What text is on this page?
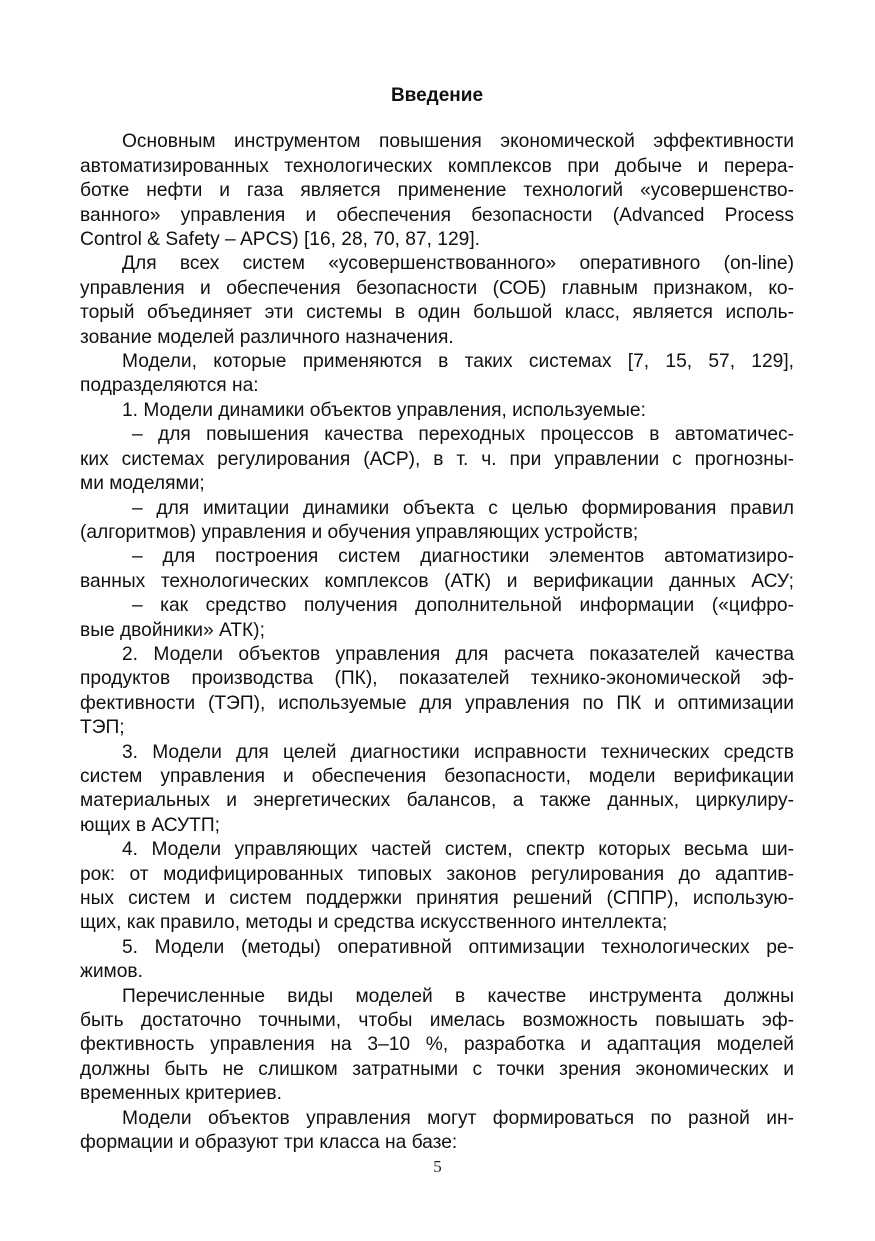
Введение
Основным инструментом повышения экономической эффективности
автоматизированных технологических комплексов при добыче и перера-
ботке нефти и газа является применение технологий «усовершенство-
ванного» управления и обеспечения безопасности (Advanced Process
Control & Safety – APCS) [16, 28, 70, 87, 129].
Для всех систем «усовершенствованного» оперативного (on-line)
управления и обеспечения безопасности (СОБ) главным признаком, ко-
торый объединяет эти системы в один большой класс, является исполь-
зование моделей различного назначения.
Модели, которые применяются в таких системах [7, 15, 57, 129],
подразделяются на:
1. Модели динамики объектов управления, используемые:
– для повышения качества переходных процессов в автоматичес-
ких системах регулирования (АСР), в т. ч. при управлении с прогнозны-
ми моделями;
– для имитации динамики объекта с целью формирования правил
(алгоритмов) управления и обучения управляющих устройств;
– для построения систем диагностики элементов автоматизиро-
ванных технологических комплексов (АТК) и верификации данных АСУ;
– как средство получения дополнительной информации («цифро-
вые двойники» АТК);
2. Модели объектов управления для расчета показателей качества
продуктов производства (ПК), показателей технико-экономической эф-
фективности (ТЭП), используемые для управления по ПК и оптимизации
ТЭП;
3. Модели для целей диагностики исправности технических средств
систем управления и обеспечения безопасности, модели верификации
материальных и энергетических балансов, а также данных, циркулиру-
ющих в АСУТП;
4. Модели управляющих частей систем, спектр которых весьма ши-
рок: от модифицированных типовых законов регулирования до адаптив-
ных систем и систем поддержки принятия решений (СППР), использую-
щих, как правило, методы и средства искусственного интеллекта;
5. Модели (методы) оперативной оптимизации технологических ре-
жимов.
Перечисленные виды моделей в качестве инструмента должны
быть достаточно точными, чтобы имелась возможность повышать эф-
фективность управления на 3–10 %, разработка и адаптация моделей
должны быть не слишком затратными с точки зрения экономических и
временных критериев.
Модели объектов управления могут формироваться по разной ин-
формации и образуют три класса на базе:
5
